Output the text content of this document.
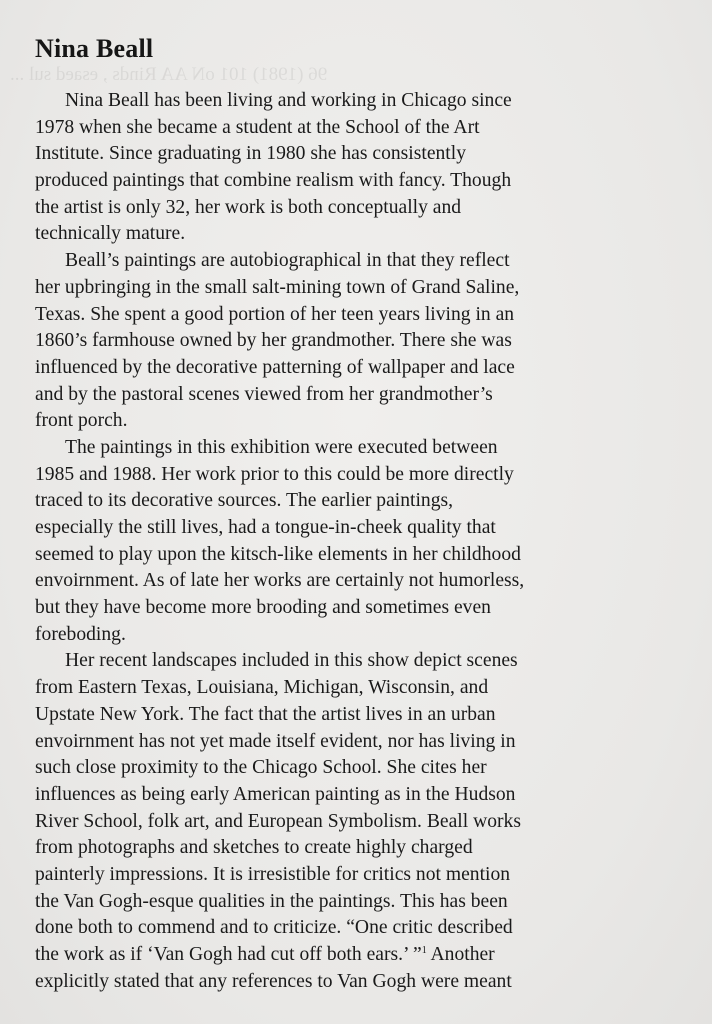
96 (1981) 101 oN AA Rinds , esaed sul ...
Nina Beall
Nina Beall has been living and working in Chicago since
1978 when she became a student at the School of the Art
Institute. Since graduating in 1980 she has consistently
produced paintings that combine realism with fancy. Though
the artist is only 32, her work is both conceptually and
technically mature.
Beall’s paintings are autobiographical in that they reflect
her upbringing in the small salt-mining town of Grand Saline,
Texas. She spent a good portion of her teen years living in an
1860’s farmhouse owned by her grandmother. There she was
influenced by the decorative patterning of wallpaper and lace
and by the pastoral scenes viewed from her grandmother’s
front porch.
The paintings in this exhibition were executed between
1985 and 1988. Her work prior to this could be more directly
traced to its decorative sources. The earlier paintings,
especially the still lives, had a tongue-in-cheek quality that
seemed to play upon the kitsch-like elements in her childhood
envoirnment. As of late her works are certainly not humorless,
but they have become more brooding and sometimes even
foreboding.
Her recent landscapes included in this show depict scenes
from Eastern Texas, Louisiana, Michigan, Wisconsin, and
Upstate New York. The fact that the artist lives in an urban
envoirnment has not yet made itself evident, nor has living in
such close proximity to the Chicago School. She cites her
influences as being early American painting as in the Hudson
River School, folk art, and European Symbolism. Beall works
from photographs and sketches to create highly charged
painterly impressions. It is irresistible for critics not mention
the Van Gogh-esque qualities in the paintings. This has been
done both to commend and to criticize. “One critic described
the work as if ‘Van Gogh had cut off both ears.’ ”$^1$ Another
explicitly stated that any references to Van Gogh were meant
